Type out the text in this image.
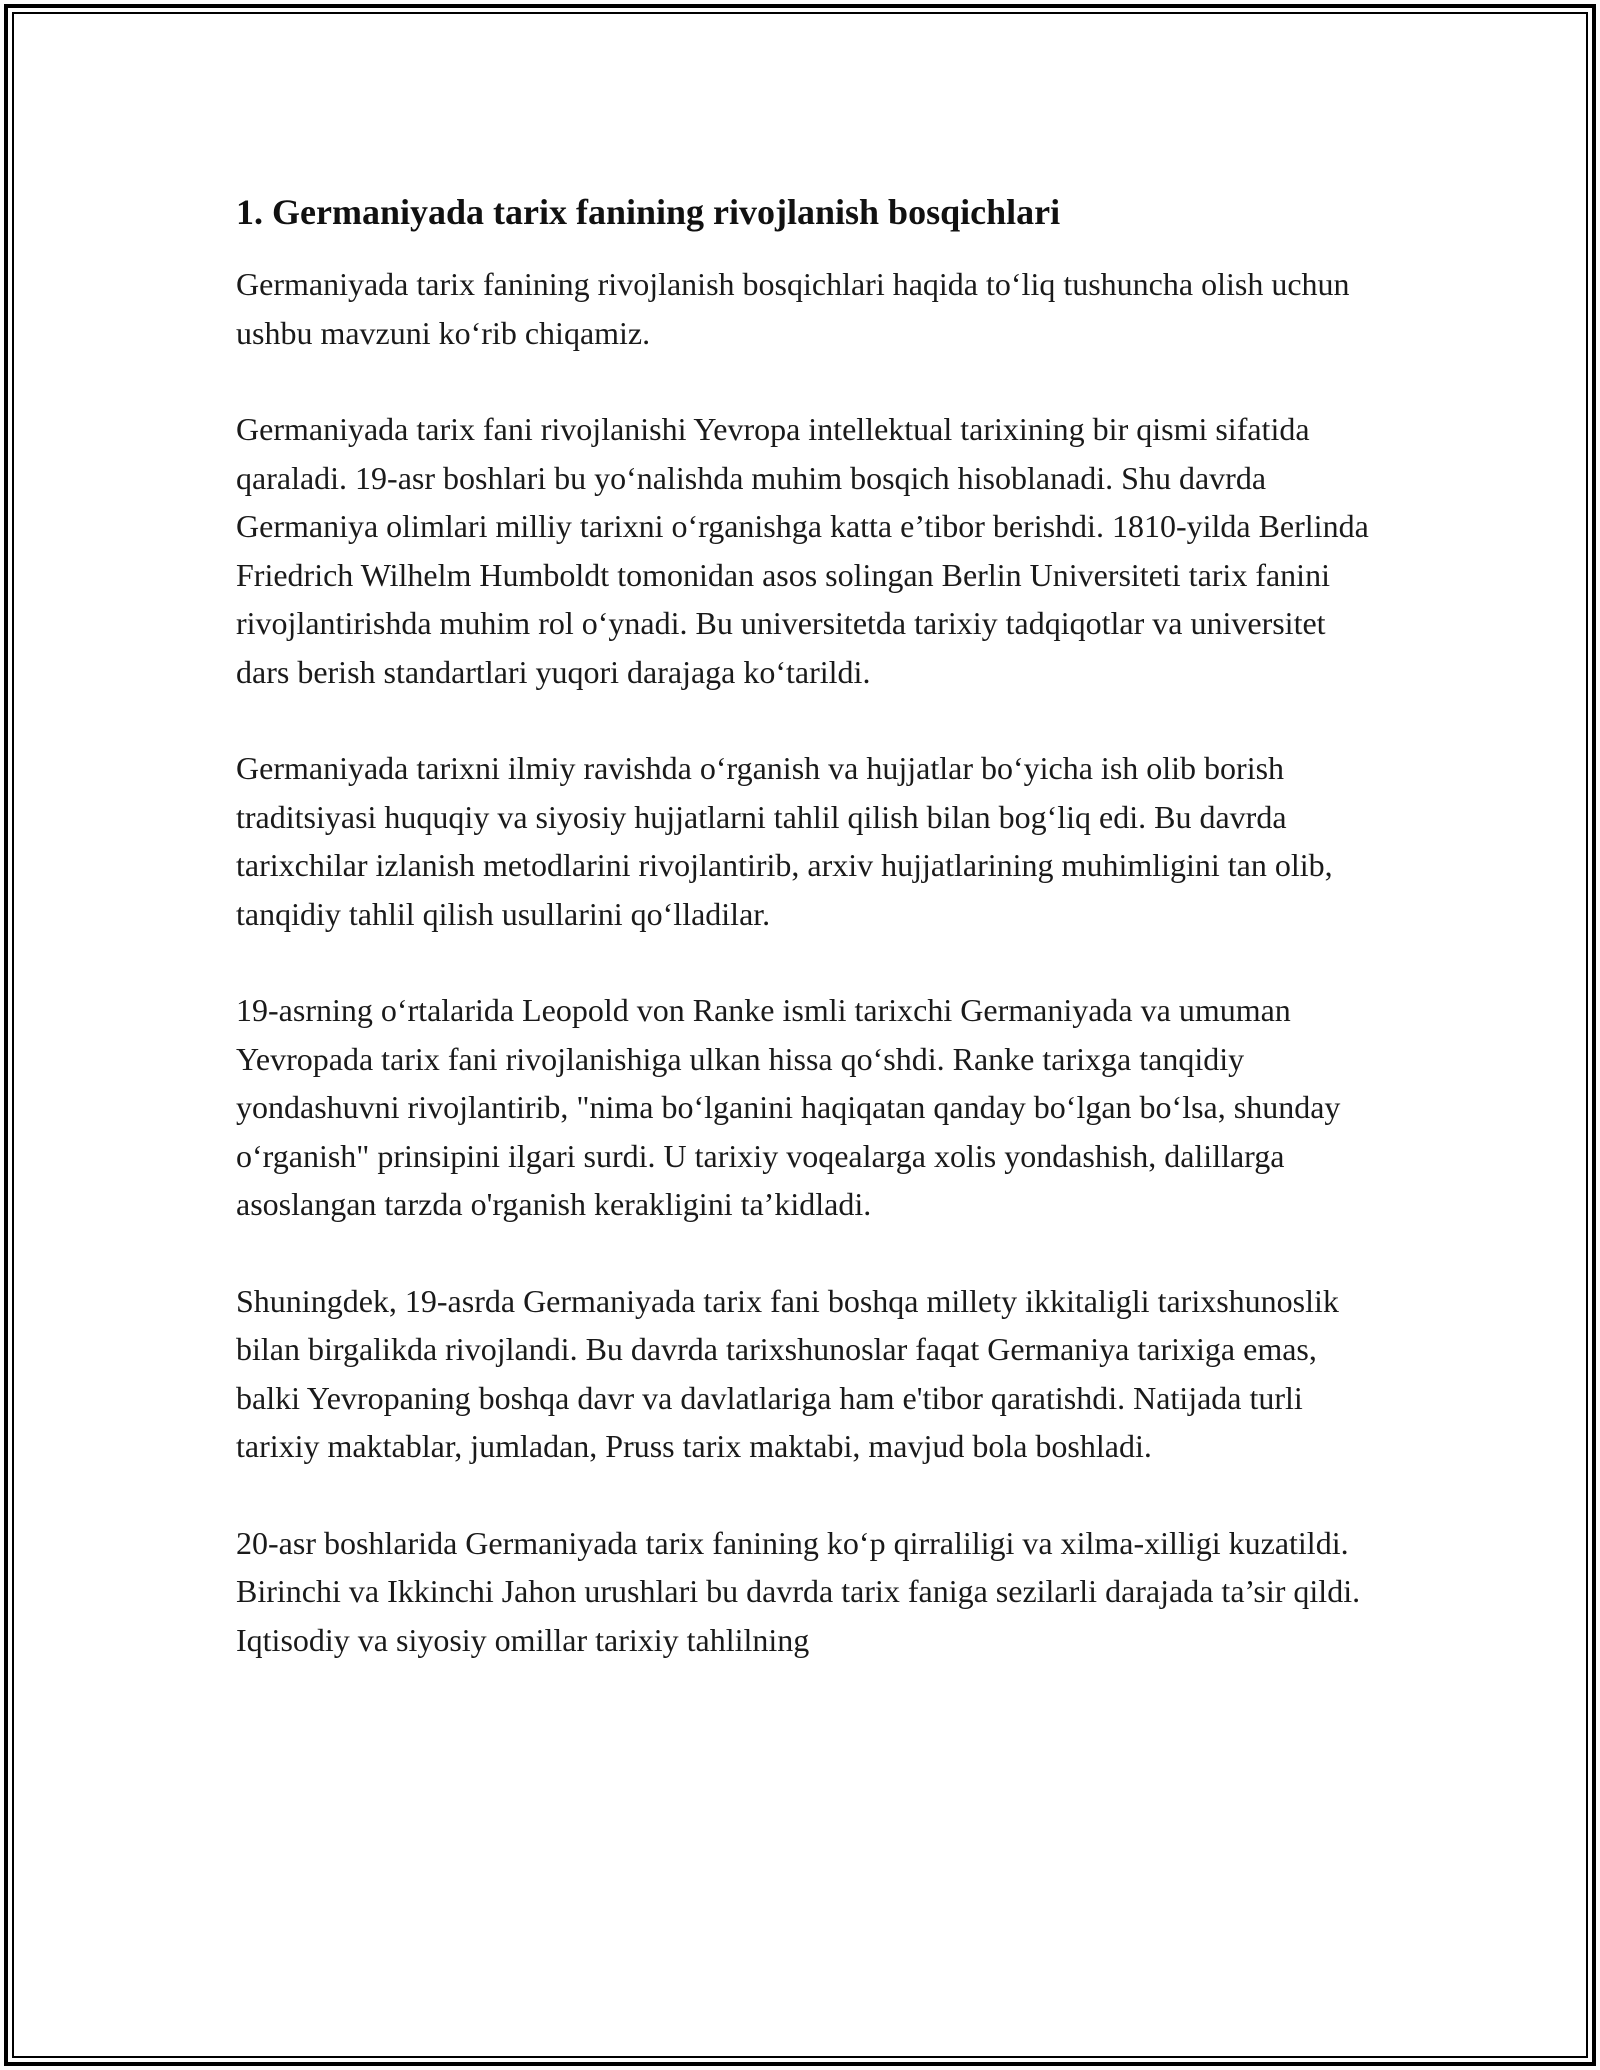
1. Germaniyada tarix fanining rivojlanish bosqichlari

Germaniyada tarix fanining rivojlanish bosqichlari haqida to‘liq tushuncha olish uchun ushbu mavzuni ko‘rib chiqamiz.

Germaniyada tarix fani rivojlanishi Yevropa intellektual tarixining bir qismi sifatida qaraladi. 19-asr boshlari bu yo‘nalishda muhim bosqich hisoblanadi. Shu davrda Germaniya olimlari milliy tarixni o‘rganishga katta e’tibor berishdi. 1810-yilda Berlinda Friedrich Wilhelm Humboldt tomonidan asos solingan Berlin Universiteti tarix fanini rivojlantirishda muhim rol o‘ynadi. Bu universitetda tarixiy tadqiqotlar va universitet dars berish standartlari yuqori darajaga ko‘tarildi.

Germaniyada tarixni ilmiy ravishda o‘rganish va hujjatlar bo‘yicha ish olib borish traditsiyasi huquqiy va siyosiy hujjatlarni tahlil qilish bilan bog‘liq edi. Bu davrda tarixchilar izlanish metodlarini rivojlantirib, arxiv hujjatlarining muhimligini tan olib, tanqidiy tahlil qilish usullarini qo‘lladilar.

19-asrning o‘rtalarida Leopold von Ranke ismli tarixchi Germaniyada va umuman Yevropada tarix fani rivojlanishiga ulkan hissa qo‘shdi. Ranke tarixga tanqidiy yondashuvni rivojlantirib, "nima bo‘lganini haqiqatan qanday bo‘lgan bo‘lsa, shunday o‘rganish" prinsipini ilgari surdi. U tarixiy voqealarga xolis yondashish, dalillarga asoslangan tarzda o'rganish kerakligini ta’kidladi.

Shuningdek, 19-asrda Germaniyada tarix fani boshqa millety ikkitaligli tarixshunoslik bilan birgalikda rivojlandi. Bu davrda tarixshunoslar faqat Germaniya tarixiga emas, balki Yevropaning boshqa davr va davlatlariga ham e'tibor qaratishdi. Natijada turli tarixiy maktablar, jumladan, Pruss tarix maktabi, mavjud bola boshladi.

20-asr boshlarida Germaniyada tarix fanining ko‘p qirraliligi va xilma-xilligi kuzatildi. Birinchi va Ikkinchi Jahon urushlari bu davrda tarix faniga sezilarli darajada ta’sir qildi. Iqtisodiy va siyosiy omillar tarixiy tahlilning
